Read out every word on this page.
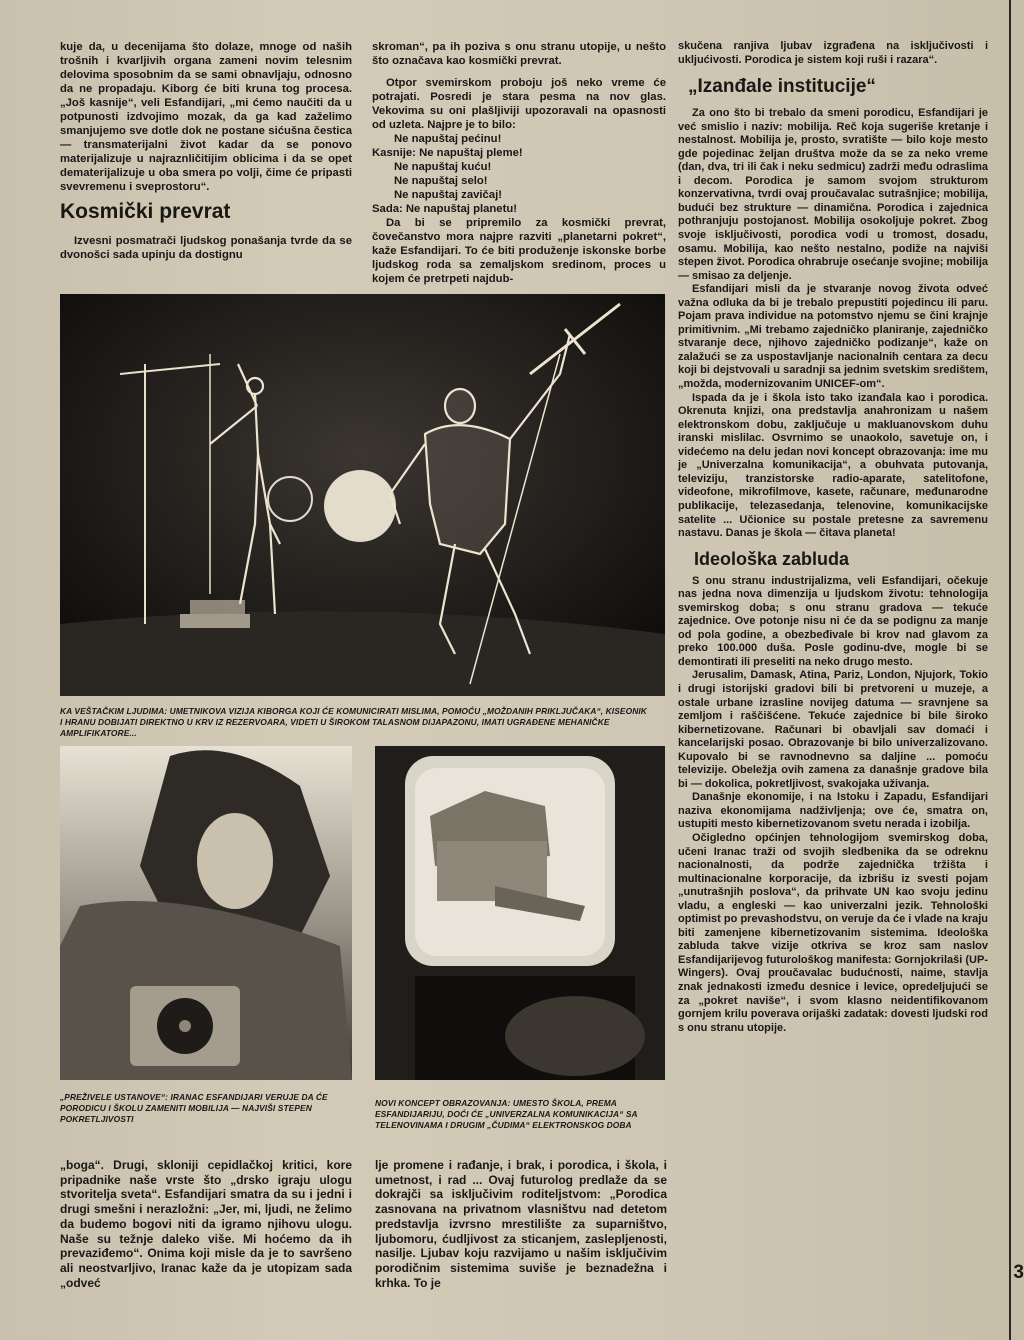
kuje da, u decenijama što dolaze, mnoge od naših trošnih i kvarljivih organa zameni novim telesnim delovima sposobnim da se sami obnavljaju, odnosno da ne propadaju. Kiborg će biti kruna tog procesa. „Još kasnije“, veli Esfandijari, „mi ćemo naučiti da u potpunosti izdvojimo mozak, da ga kad zaželimo smanjujemo sve dotle dok ne postane sićušna čestica — transmaterijalni život kadar da se ponovo materijalizuje u najraznličitijim oblicima i da se opet dematerijalizuje u oba smera po volji, čime će pripasti svevremenu i sveprostoru“.

Kosmički prevrat

Izvesni posmatrači ljudskog ponašanja tvrde da se dvonošci sada upinju da dostignu

skroman“, pa ih poziva s onu stranu utopije, u nešto što označava kao kosmički prevrat.

Otpor svemirskom proboju još neko vreme će potrajati. Posredi je stara pesma na nov glas. Vekovima su oni plašljiviji upozoravali na opasnosti od uzleta. Najpre je to bilo:

Ne napuštaj pećinu!

Kasnije: Ne napuštaj pleme!

Ne napuštaj kuću!

Ne napuštaj selo!

Ne napuštaj zavičaj!

Sada: Ne napuštaj planetu!

Da bi se pripremilo za kosmički prevrat, čovečanstvo mora najpre razviti „planetarni pokret“, kaže Esfandijari. To će biti produženje iskonske borbe ljudskog roda sa zemaljskom sredinom, proces u kojem će pretrpeti najdub-

skučena ranjiva ljubav izgrađena na isključivosti i ukljućivosti. Porodica je sistem koji ruši i razara“.

„Izanđale institucije“

Za ono što bi trebalo da smeni porodicu, Esfandijari je već smislio i naziv: mobilija. Reč koja sugeriše kretanje i nestalnost. Mobilija je, prosto, svratište — bilo koje mesto gde pojedinac željan društva može da se za neko vreme (dan, dva, tri ili čak i neku sedmicu) zadrži među odraslima i decom. Porodica je samom svojom strukturom konzervativna, tvrdi ovaj proučavalac sutrašnjice; mobilija, budući bez strukture — dinamična. Porodica i zajednica pothranjuju postojanost. Mobilija osokoljuje pokret. Zbog svoje isključivosti, porodica vodi u tromost, dosadu, osamu. Mobilija, kao nešto nestalno, podiže na najviši stepen život. Porodica ohrabruje osećanje svojine; mobilija — smisao za deljenje.

Esfandijari misli da je stvaranje novog života odveć važna odluka da bi je trebalo prepustiti pojedincu ili paru. Pojam prava individue na potomstvo njemu se čini krajnje primitivnim. „Mi trebamo zajedničko planiranje, zajedničko stvaranje dece, njihovo zajedničko podizanje“, kaže on zalažući se za uspostavljanje nacionalnih centara za decu koji bi dejstvovali u saradnji sa jednim svetskim središtem, „možda, modernizovanim UNICEF-om“.

Ispada da je i škola isto tako izanđala kao i porodica. Okrenuta knjizi, ona predstavlja anahronizam u našem elektronskom dobu, zaključuje u makluanovskom duhu iranski mislilac. Osvrnimo se unaokolo, savetuje on, i videćemo na delu jedan novi koncept obrazovanja: ime mu je „Univerzalna komunikacija“, a obuhvata putovanja, televiziju, tranzistorske radio-aparate, satelitofone, videofone, mikrofilmove, kasete, računare, međunarodne publikacije, telezasedanja, telenovine, komunikacijske satelite ... Učionice su postale pretesne za savremenu nastavu. Danas je škola — čitava planeta!

Ideološka zabluda

S onu stranu industrijalizma, veli Esfandijari, očekuje nas jedna nova dimenzija u ljudskom životu: tehnologija svemirskog doba; s onu stranu gradova — tekuće zajednice. Ove potonje nisu ni će da se podignu za manje od pola godine, a obezbeđivale bi krov nad glavom za preko 100.000 duša. Posle godinu-dve, mogle bi se demontirati ili preseliti na neko drugo mesto.

Jerusalim, Damask, Atina, Pariz, London, Njujork, Tokio i drugi istorijski gradovi bili bi pretvoreni u muzeje, a ostale urbane izrasline novijeg datuma — sravnjene sa zemljom i raščišćene. Tekuće zajednice bi bile široko kibernetizovane. Računari bi obavljali sav domaći i kancelarijski posao. Obrazovanje bi bilo univerzalizovano. Kupovalo bi se ravnodnevno sa daljine ... pomoću televizije. Obeležja ovih zamena za današnje gradove bila bi — dokolica, pokretljivost, svakojaka uživanja.

Današnje ekonomije, i na Istoku i Zapadu, Esfandijari naziva ekonomijama nadživljenja; ove će, smatra on, ustupiti mesto kibernetizovanom svetu nerada i izobilja.

Očigledno općinjen tehnologijom svemirskog doba, učeni Iranac traži od svojih sledbenika da se odreknu nacionalnosti, da podrže zajednička tržišta i multinacionalne korporacije, da izbrišu iz svesti pojam „unutrašnjih poslova“, da prihvate UN kao svoju jedinu vladu, a engleski — kao univerzalni jezik. Tehnološki optimist po prevashodstvu, on veruje da će i vlade na kraju biti zamenjene kibernetizovanim sistemima. Ideološka zabluda takve vizije otkriva se kroz sam naslov Esfandijarijevog futurološkog manifesta: Gornjokrilaši (UP-Wingers). Ovaj proučavalac budućnosti, naime, stavlja znak jednakosti između desnice i levice, opredeljujući se za „pokret naviše“, i svom klasno neidentifikovanom gornjem krilu poverava orijaški zadatak: dovesti ljudski rod s onu stranu utopije.

KA VEŠTAČKIM LJUDIMA: UMETNIKOVA VIZIJA KIBORGA KOJI ĆE KOMUNICIRATI MISLIMA, POMOĆU „MOŽDANIH PRIKLJUČAKA“, KISEONIK I HRANU DOBIJATI DIREKTNO U KRV IZ REZERVOARA, VIDETI U ŠIROKOM TALASNOM DIJAPAZONU, IMATI UGRAĐENE MEHANIČKE AMPLIFIKATORE...
„PREŽIVELE USTANOVE“: IRANAC ESFANDIJARI VERUJE DA ĆE PORODICU I ŠKOLU ZAMENITI MOBILIJA — NAJVIŠI STEPEN POKRETLJIVOSTI
NOVI KONCEPT OBRAZOVANJA: UMESTO ŠKOLA, PREMA ESFANDIJARIJU, DOĆI ĆE „UNIVERZALNA KOMUNIKACIJA“ SA TELENOVINAMA I DRUGIM „ČUDIMA“ ELEKTRONSKOG DOBA

„boga“. Drugi, skloniji cepidlačkoj kritici, kore pripadnike naše vrste što „drsko igraju ulogu stvoritelja sveta“. Esfandijari smatra da su i jedni i drugi smešni i nerazložni: „Jer, mi, ljudi, ne želimo da budemo bogovi niti da igramo njihovu ulogu. Naše su težnje daleko više. Mi hoćemo da ih prevaziđemo“. Onima koji misle da je to savršeno ali neostvarljivo, Iranac kaže da je utopizam sada „odveć

lje promene i rađanje, i brak, i porodica, i škola, i umetnost, i rad ... Ovaj futurolog predlaže da se dokrajči sa isključivim roditeljstvom: „Porodica zasnovana na privatnom vlasništvu nad detetom predstavlja izvrsno mrestilište za suparništvo, ljubomoru, ćudljivost za sticanjem, zaslepljenosti, nasilje. Ljubav koju razvijamo u našim isključivim porodičnim sistemima suviše je beznadežna i krhka. To je	3
